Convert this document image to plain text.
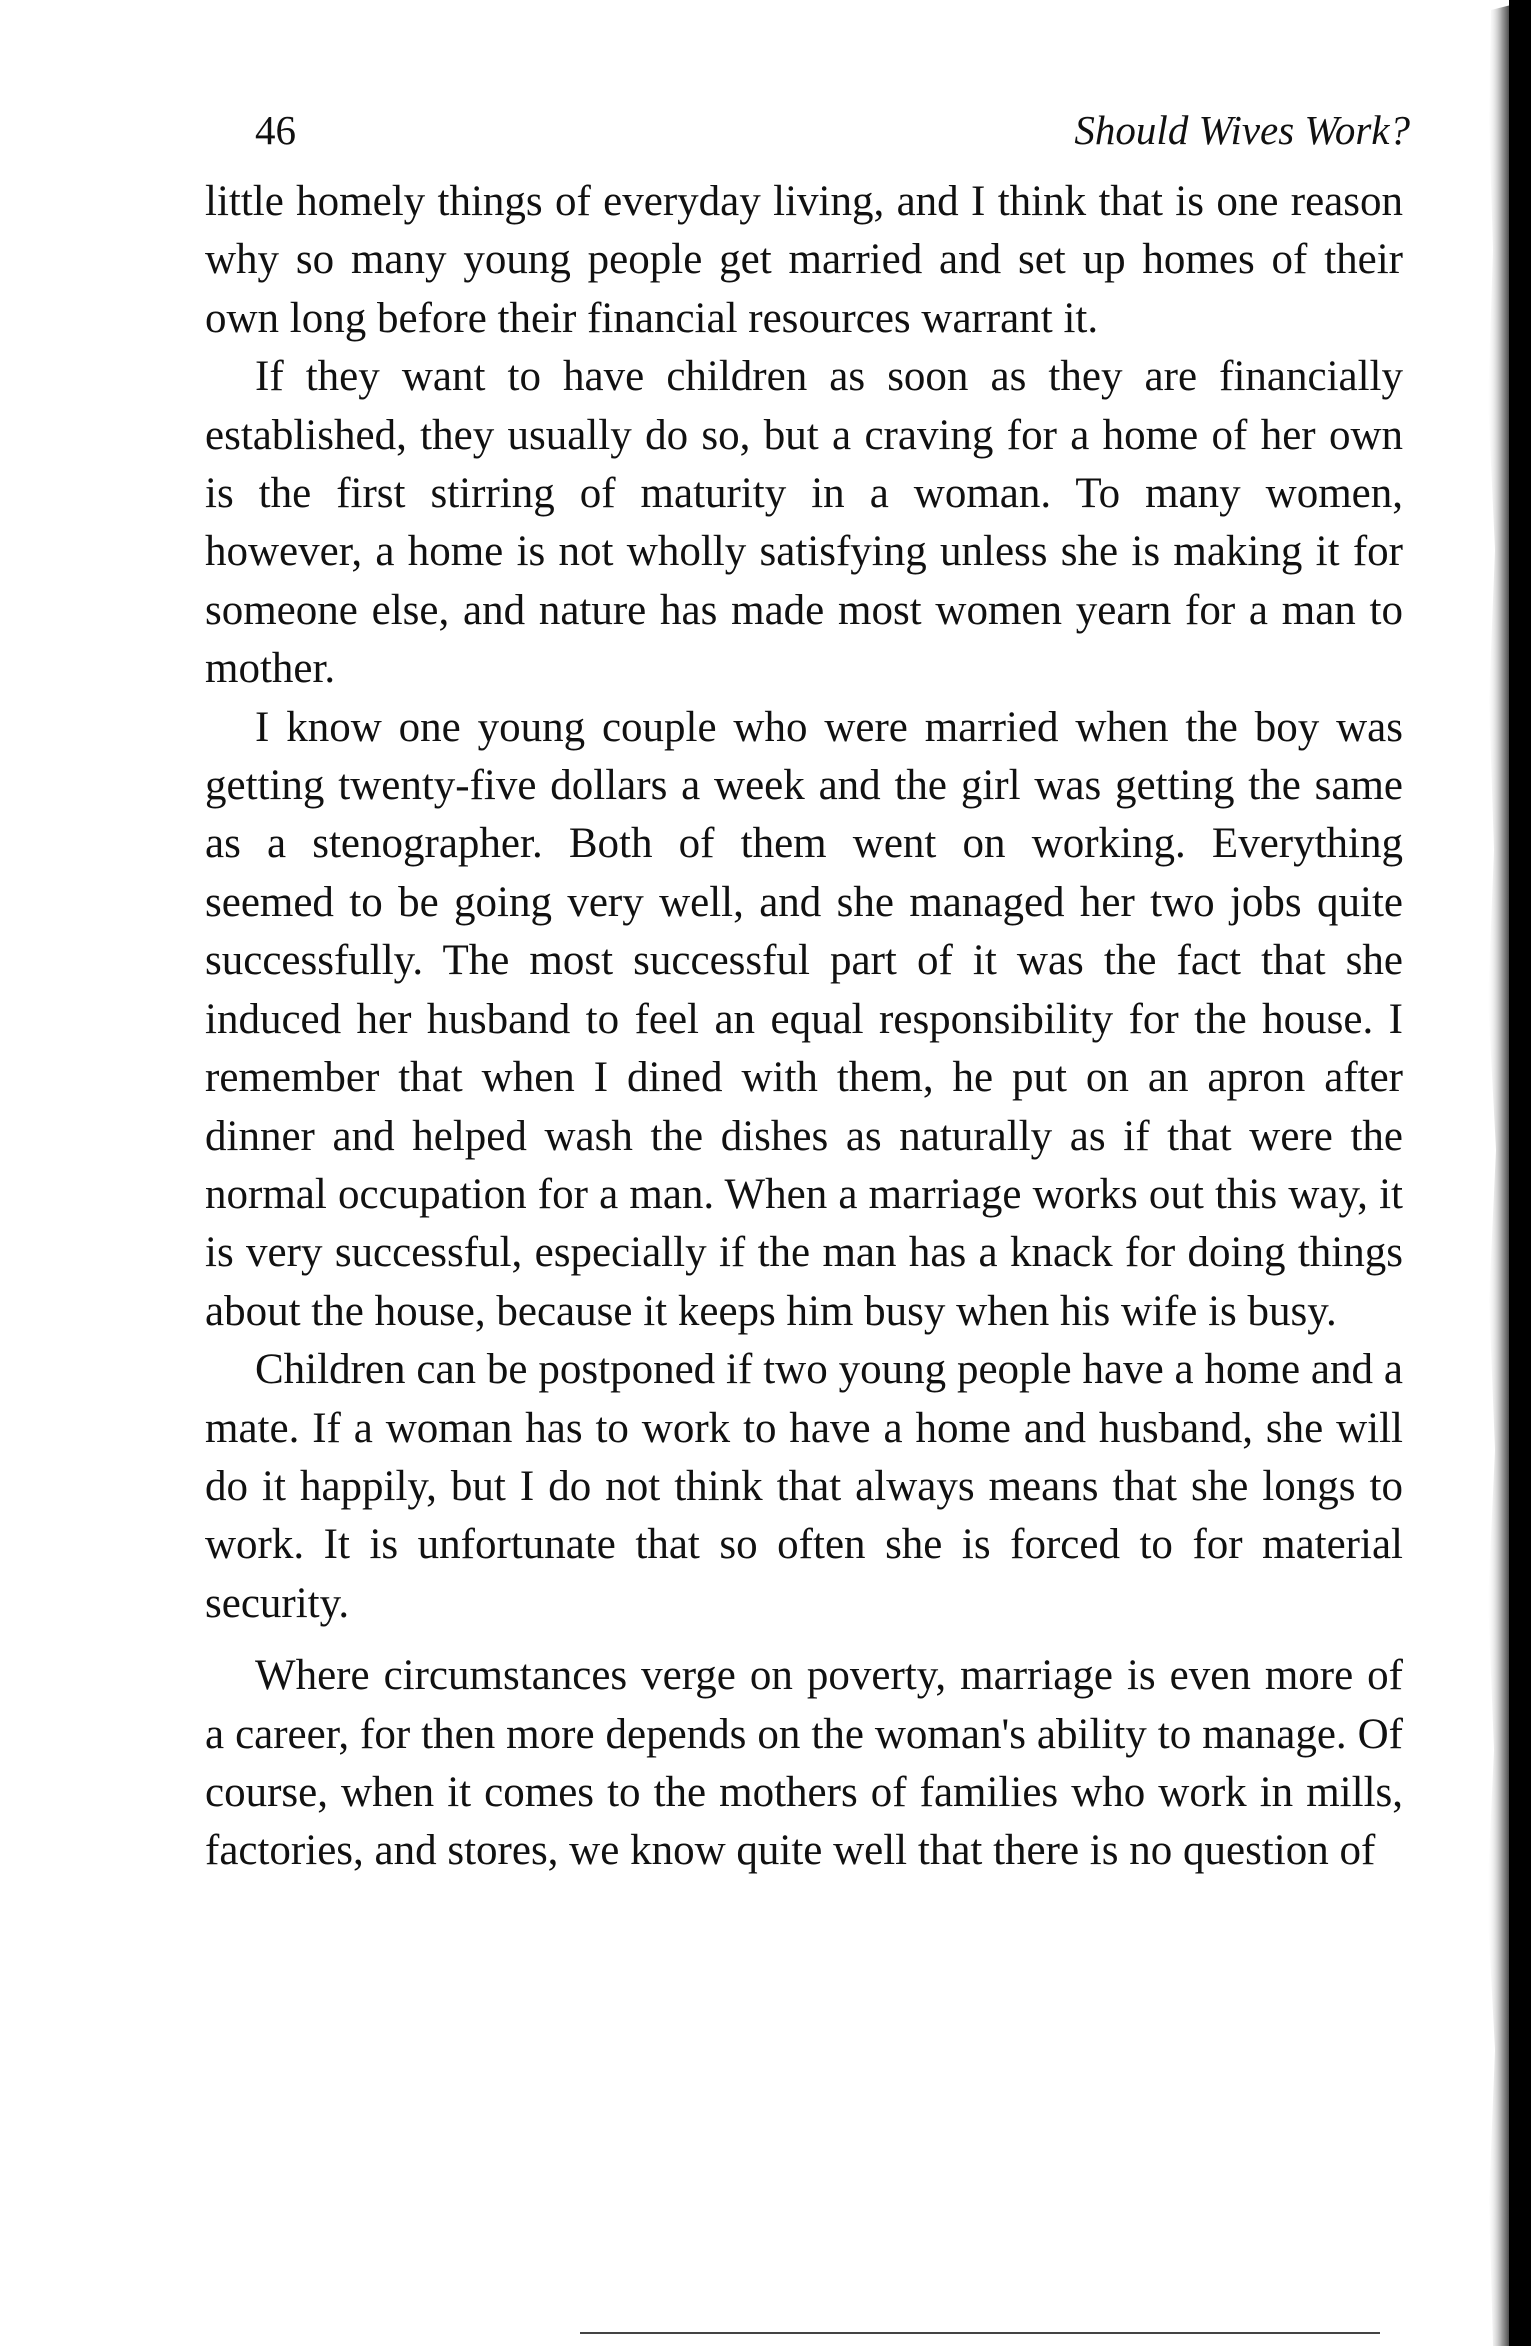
46	Should Wives Work?

little homely things of everyday living, and I think that is one reason why so many young people get married and set up homes of their own long before their financial resources warrant it.

If they want to have children as soon as they are financially established, they usually do so, but a craving for a home of her own is the first stirring of maturity in a woman. To many women, however, a home is not wholly satisfying unless she is making it for someone else, and nature has made most women yearn for a man to mother.

I know one young couple who were married when the boy was getting twenty-five dollars a week and the girl was getting the same as a stenographer. Both of them went on working. Everything seemed to be going very well, and she managed her two jobs quite successfully. The most successful part of it was the fact that she induced her husband to feel an equal responsibility for the house. I remember that when I dined with them, he put on an apron after dinner and helped wash the dishes as naturally as if that were the normal occupation for a man. When a marriage works out this way, it is very successful, especially if the man has a knack for doing things about the house, because it keeps him busy when his wife is busy.

Children can be postponed if two young people have a home and a mate. If a woman has to work to have a home and husband, she will do it happily, but I do not think that always means that she longs to work. It is unfortunate that so often she is forced to for material security.

Where circumstances verge on poverty, marriage is even more of a career, for then more depends on the woman's ability to manage. Of course, when it comes to the mothers of families who work in mills, factories, and stores, we know quite well that there is no question of
